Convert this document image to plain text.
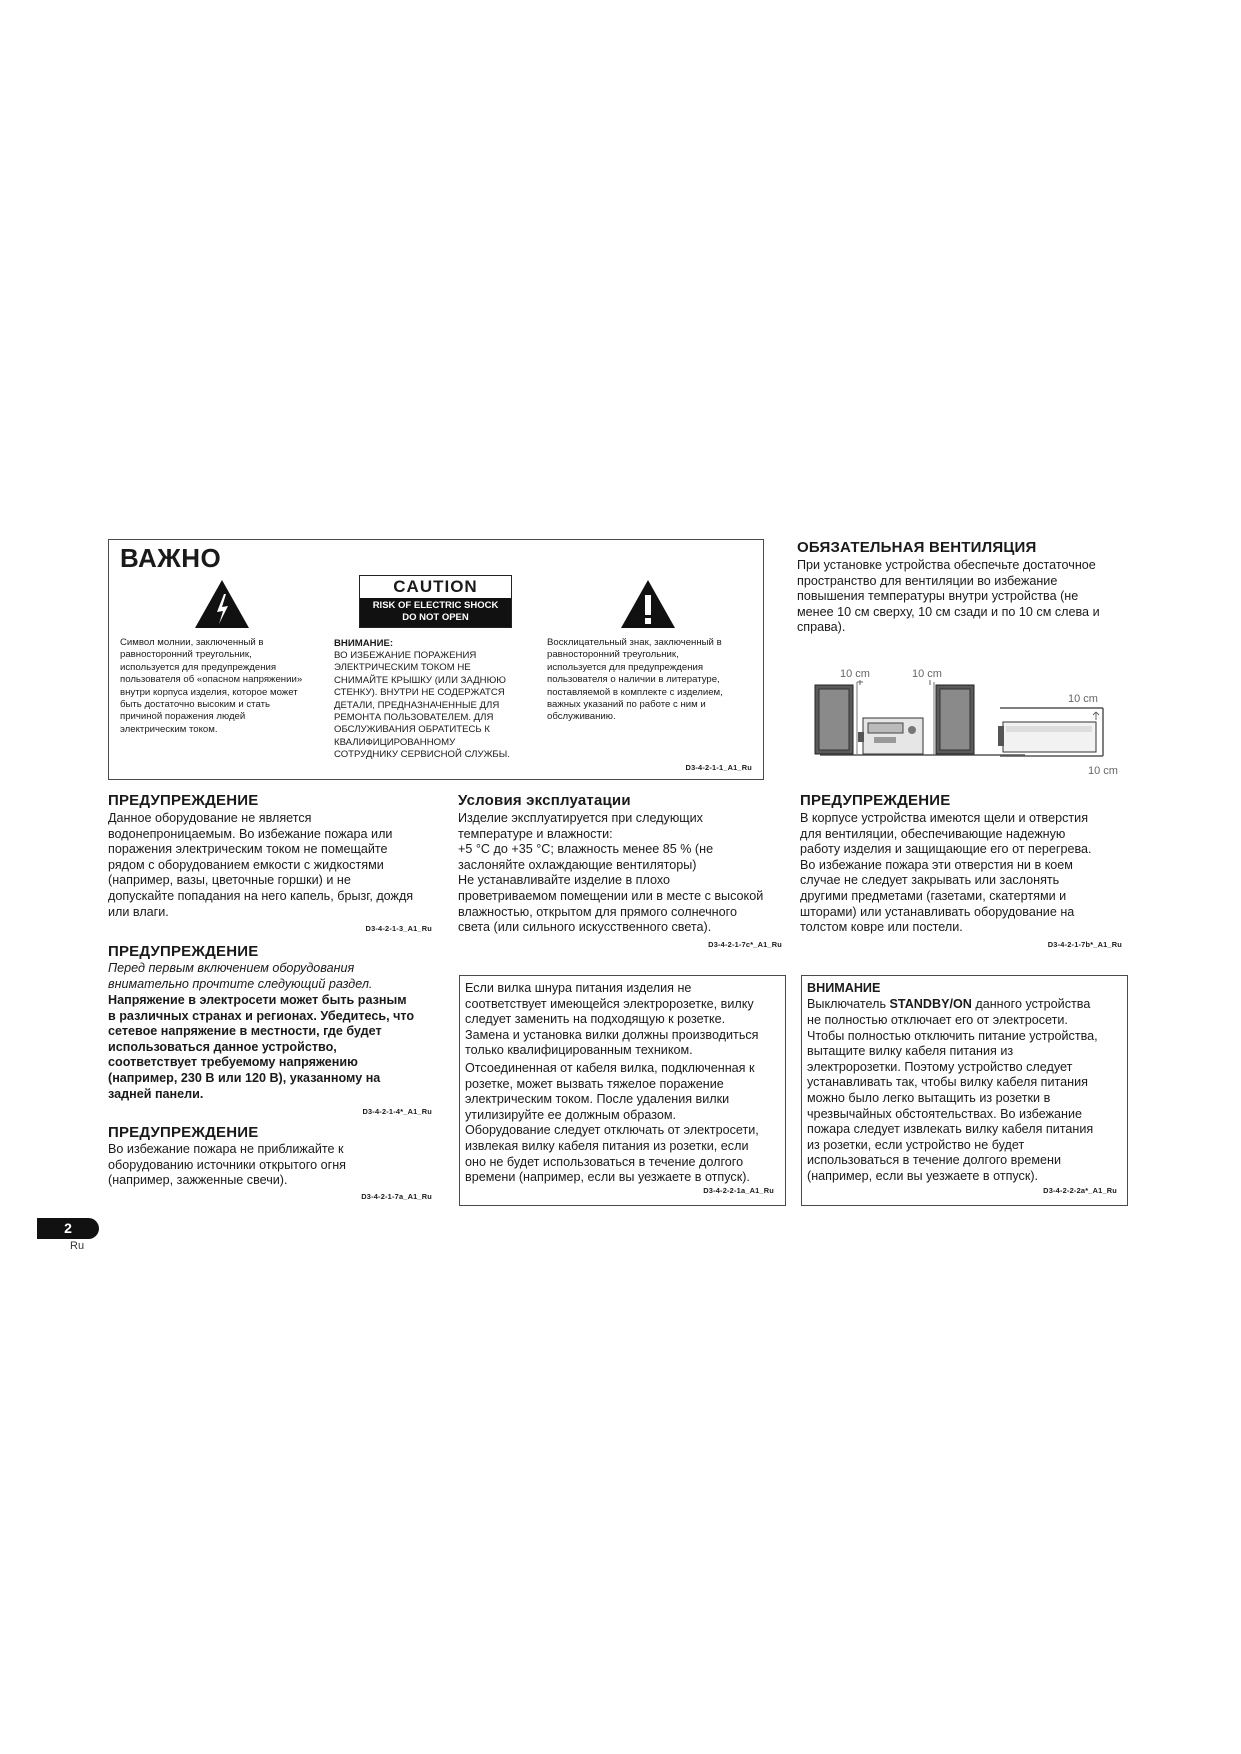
ВАЖНО
Символ молнии, заключенный в
равносторонний треугольник,
используется для предупреждения
пользователя об «опасном напряжении»
внутри корпуса изделия, которое может
быть достаточно высоким и стать
причиной поражения людей
электрическим током.
CAUTION
RISK OF ELECTRIC SHOCK
DO NOT OPEN
ВНИМАНИЕ:
ВО ИЗБЕЖАНИЕ ПОРАЖЕНИЯ
ЭЛЕКТРИЧЕСКИМ ТОКОМ НЕ
СНИМАЙТЕ КРЫШКУ (ИЛИ ЗАДНЮЮ
СТЕНКУ). ВНУТРИ НЕ СОДЕРЖАТСЯ
ДЕТАЛИ, ПРЕДНАЗНАЧЕННЫЕ ДЛЯ
РЕМОНТА ПОЛЬЗОВАТЕЛЕМ. ДЛЯ
ОБСЛУЖИВАНИЯ ОБРАТИТЕСЬ К
КВАЛИФИЦИРОВАННОМУ
СОТРУДНИКУ СЕРВИСНОЙ СЛУЖБЫ.
Восклицательный знак, заключенный в
равносторонний треугольник,
используется для предупреждения
пользователя о наличии в литературе,
поставляемой в комплекте с изделием,
важных указаний по работе с ним и
обслуживанию.
D3-4-2-1-1_A1_Ru
ОБЯЗАТЕЛЬНАЯ ВЕНТИЛЯЦИЯ
При установке устройства обеспечьте достаточное
пространство для вентиляции во избежание
повышения температуры внутри устройства (не
менее 10 см сверху, 10 см сзади и по 10 см слева и
справа).
10 cm	10 cm
10 cm
10 cm
ПРЕДУПРЕЖДЕНИЕ
Данное оборудование не является
водонепроницаемым. Во избежание пожара или
поражения электрическим током не помещайте
рядом с оборудованием емкости с жидкостями
(например, вазы, цветочные горшки) и не
допускайте попадания на него капель, брызг, дождя
или влаги.
D3-4-2-1-3_A1_Ru
ПРЕДУПРЕЖДЕНИЕ
Перед первым включением оборудования
внимательно прочтите следующий раздел.
Напряжение в электросети может быть разным
в различных странах и регионах. Убедитесь, что
сетевое напряжение в местности, где будет
использоваться данное устройство,
соответствует требуемому напряжению
(например, 230 В или 120 В), указанному на
задней панели.
D3-4-2-1-4*_A1_Ru
ПРЕДУПРЕЖДЕНИЕ
Во избежание пожара не приближайте к
оборудованию источники открытого огня
(например, зажженные свечи).
D3-4-2-1-7a_A1_Ru
Условия эксплуатации
Изделие эксплуатируется при следующих
температуре и влажности:
+5 °C до +35 °C; влажность менее 85 % (не
заслоняйте охлаждающие вентиляторы)
Не устанавливайте изделие в плохо
проветриваемом помещении или в месте с высокой
влажностью, открытом для прямого солнечного
света (или сильного искусственного света).
D3-4-2-1-7c*_A1_Ru
Если вилка шнура питания изделия не
соответствует имеющейся электророзетке, вилку
следует заменить на подходящую к розетке.
Замена и установка вилки должны производиться
только квалифицированным техником.
Отсоединенная от кабеля вилка, подключенная к
розетке, может вызвать тяжелое поражение
электрическим током. После удаления вилки
утилизируйте ее должным образом.
Оборудование следует отключать от электросети,
извлекая вилку кабеля питания из розетки, если
оно не будет использоваться в течение долгого
времени (например, если вы уезжаете в отпуск).
D3-4-2-2-1a_A1_Ru
ПРЕДУПРЕЖДЕНИЕ
В корпусе устройства имеются щели и отверстия
для вентиляции, обеспечивающие надежную
работу изделия и защищающие его от перегрева.
Во избежание пожара эти отверстия ни в коем
случае не следует закрывать или заслонять
другими предметами (газетами, скатертями и
шторами) или устанавливать оборудование на
толстом ковре или постели.
D3-4-2-1-7b*_A1_Ru
ВНИМАНИЕ
Выключатель STANDBY/ON данного устройства
не полностью отключает его от электросети.
Чтобы полностью отключить питание устройства,
вытащите вилку кабеля питания из
электророзетки. Поэтому устройство следует
устанавливать так, чтобы вилку кабеля питания
можно было легко вытащить из розетки в
чрезвычайных обстоятельствах. Во избежание
пожара следует извлекать вилку кабеля питания
из розетки, если устройство не будет
использоваться в течение долгого времени
(например, если вы уезжаете в отпуск).
D3-4-2-2-2a*_A1_Ru
2
Ru
